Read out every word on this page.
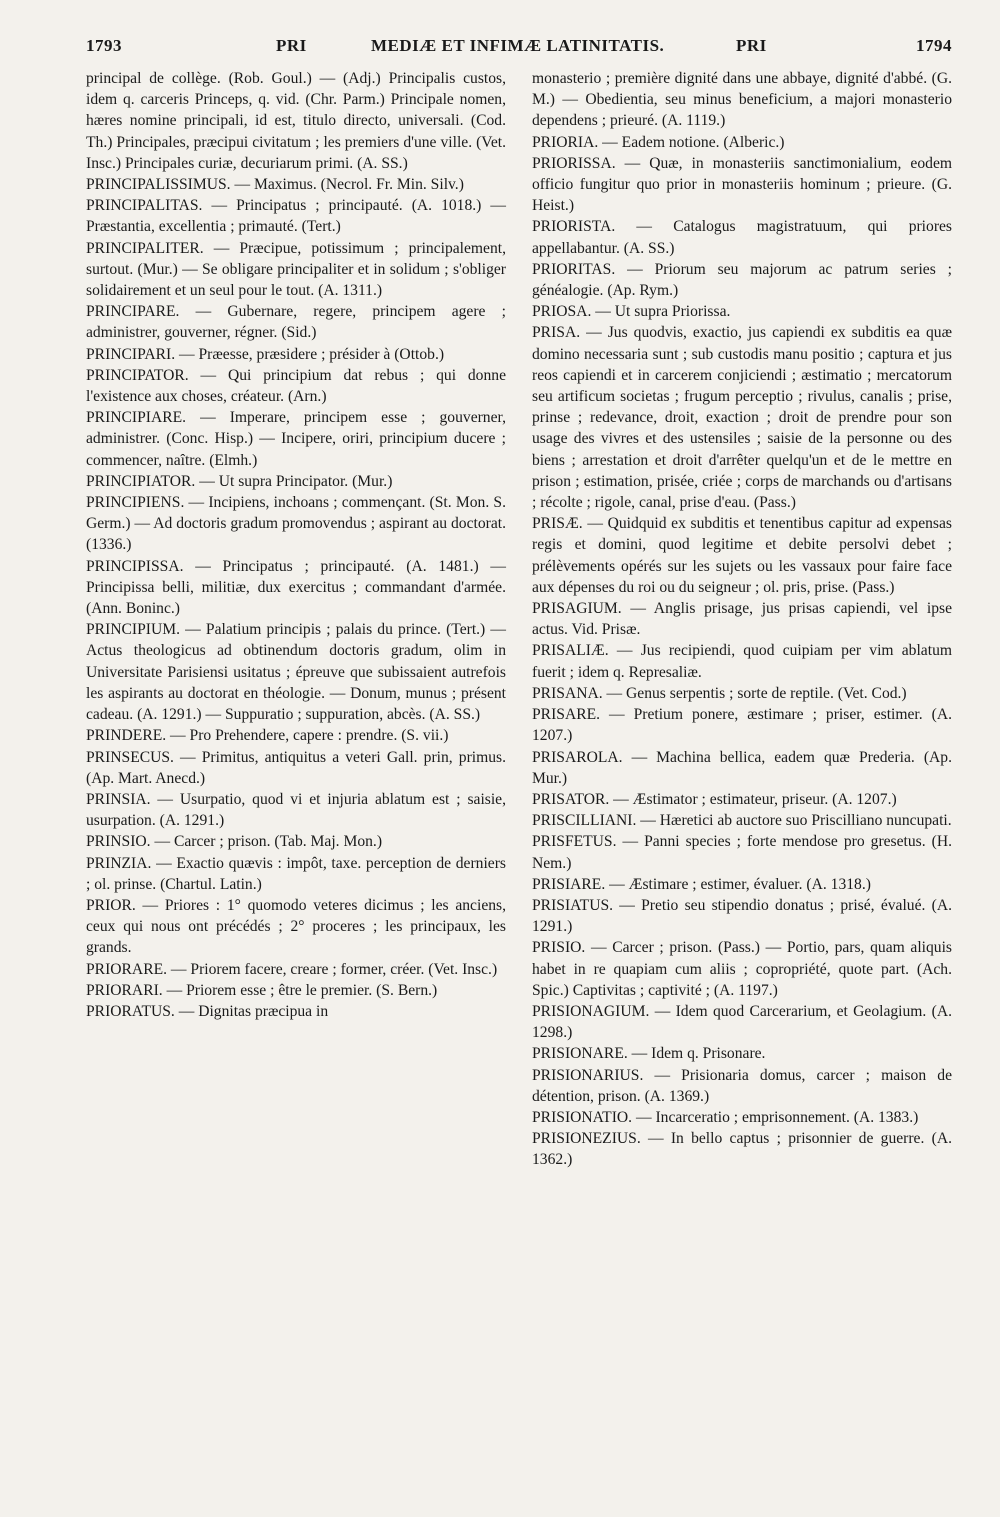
1793	PRI	MEDIÆ ET INFIMÆ LATINITATIS.	PRI	1794

principal de collège. (Rob. Goul.) — (Adj.) Principalis custos, idem q. carceris Princeps, q. vid. (Chr. Parm.) Principale nomen, hæres nomine principali, id est, titulo directo, universali. (Cod. Th.) Principales, præcipui civitatum ; les premiers d'une ville. (Vet. Insc.) Principales curiæ, decuriarum primi. (A. SS.)

PRINCIPALISSIMUS. — Maximus. (Necrol. Fr. Min. Silv.)

PRINCIPALITAS. — Principatus ; principauté. (A. 1018.) — Præstantia, excellentia ; primauté. (Tert.)

PRINCIPALITER. — Præcipue, potissimum ; principalement, surtout. (Mur.) — Se obligare principaliter et in solidum ; s'obliger solidairement et un seul pour le tout. (A. 1311.)

PRINCIPARE. — Gubernare, regere, principem agere ; administrer, gouverner, régner. (Sid.)

PRINCIPARI. — Præesse, præsidere ; présider à (Ottob.)

PRINCIPATOR. — Qui principium dat rebus ; qui donne l'existence aux choses, créateur. (Arn.)

PRINCIPIARE. — Imperare, principem esse ; gouverner, administrer. (Conc. Hisp.) — Incipere, oriri, principium ducere ; commencer, naître. (Elmh.)

PRINCIPIATOR. — Ut supra Principator. (Mur.)

PRINCIPIENS. — Incipiens, inchoans ; commençant. (St. Mon. S. Germ.) — Ad doctoris gradum promovendus ; aspirant au doctorat. (1336.)

PRINCIPISSA. — Principatus ; principauté. (A. 1481.) — Principissa belli, militiæ, dux exercitus ; commandant d'armée. (Ann. Boninc.)

PRINCIPIUM. — Palatium principis ; palais du prince. (Tert.) — Actus theologicus ad obtinendum doctoris gradum, olim in Universitate Parisiensi usitatus ; épreuve que subissaient autrefois les aspirants au doctorat en théologie. — Donum, munus ; présent cadeau. (A. 1291.) — Suppuratio ; suppuration, abcès. (A. SS.)

PRINDERE. — Pro Prehendere, capere : prendre. (S. vii.)

PRINSECUS. — Primitus, antiquitus a veteri Gall. prin, primus. (Ap. Mart. Anecd.)

PRINSIA. — Usurpatio, quod vi et injuria ablatum est ; saisie, usurpation. (A. 1291.)

PRINSIO. — Carcer ; prison. (Tab. Maj. Mon.)

PRINZIA. — Exactio quævis : impôt, taxe. perception de derniers ; ol. prinse. (Chartul. Latin.)

PRIOR. — Priores : 1° quomodo veteres dicimus ; les anciens, ceux qui nous ont précédés ; 2° proceres ; les principaux, les grands.

PRIORARE. — Priorem facere, creare ; former, créer. (Vet. Insc.)

PRIORARI. — Priorem esse ; être le premier. (S. Bern.)

PRIORATUS. — Dignitas præcipua in

monasterio ; première dignité dans une abbaye, dignité d'abbé. (G. M.) — Obedientia, seu minus beneficium, a majori monasterio dependens ; prieuré. (A. 1119.)

PRIORIA. — Eadem notione. (Alberic.)

PRIORISSA. — Quæ, in monasteriis sanctimonialium, eodem officio fungitur quo prior in monasteriis hominum ; prieure. (G. Heist.)

PRIORISTA. — Catalogus magistratuum, qui priores appellabantur. (A. SS.)

PRIORITAS. — Priorum seu majorum ac patrum series ; généalogie. (Ap. Rym.)

PRIOSA. — Ut supra Priorissa.

PRISA. — Jus quodvis, exactio, jus capiendi ex subditis ea quæ domino necessaria sunt ; sub custodis manu positio ; captura et jus reos capiendi et in carcerem conjiciendi ; æstimatio ; mercatorum seu artificum societas ; frugum perceptio ; rivulus, canalis ; prise, prinse ; redevance, droit, exaction ; droit de prendre pour son usage des vivres et des ustensiles ; saisie de la personne ou des biens ; arrestation et droit d'arrêter quelqu'un et de le mettre en prison ; estimation, prisée, criée ; corps de marchands ou d'artisans ; récolte ; rigole, canal, prise d'eau. (Pass.)

PRISÆ. — Quidquid ex subditis et tenentibus capitur ad expensas regis et domini, quod legitime et debite persolvi debet ; prélèvements opérés sur les sujets ou les vassaux pour faire face aux dépenses du roi ou du seigneur ; ol. pris, prise. (Pass.)

PRISAGIUM. — Anglis prisage, jus prisas capiendi, vel ipse actus. Vid. Prisæ.

PRISALIÆ. — Jus recipiendi, quod cuipiam per vim ablatum fuerit ; idem q. Represaliæ.

PRISANA. — Genus serpentis ; sorte de reptile. (Vet. Cod.)

PRISARE. — Pretium ponere, æstimare ; priser, estimer. (A. 1207.)

PRISAROLA. — Machina bellica, eadem quæ Prederia. (Ap. Mur.)

PRISATOR. — Æstimator ; estimateur, priseur. (A. 1207.)

PRISCILLIANI. — Hæretici ab auctore suo Priscilliano nuncupati.

PRISFETUS. — Panni species ; forte mendose pro gresetus. (H. Nem.)

PRISIARE. — Æstimare ; estimer, évaluer. (A. 1318.)

PRISIATUS. — Pretio seu stipendio donatus ; prisé, évalué. (A. 1291.)

PRISIO. — Carcer ; prison. (Pass.) — Portio, pars, quam aliquis habet in re quapiam cum aliis ; copropriété, quote part. (Ach. Spic.) Captivitas ; captivité ; (A. 1197.)

PRISIONAGIUM. — Idem quod Carcerarium, et Geolagium. (A. 1298.)

PRISIONARE. — Idem q. Prisonare.

PRISIONARIUS. — Prisionaria domus, carcer ; maison de détention, prison. (A. 1369.)

PRISIONATIO. — Incarceratio ; emprisonnement. (A. 1383.)

PRISIONEZIUS. — In bello captus ; prisonnier de guerre. (A. 1362.)
